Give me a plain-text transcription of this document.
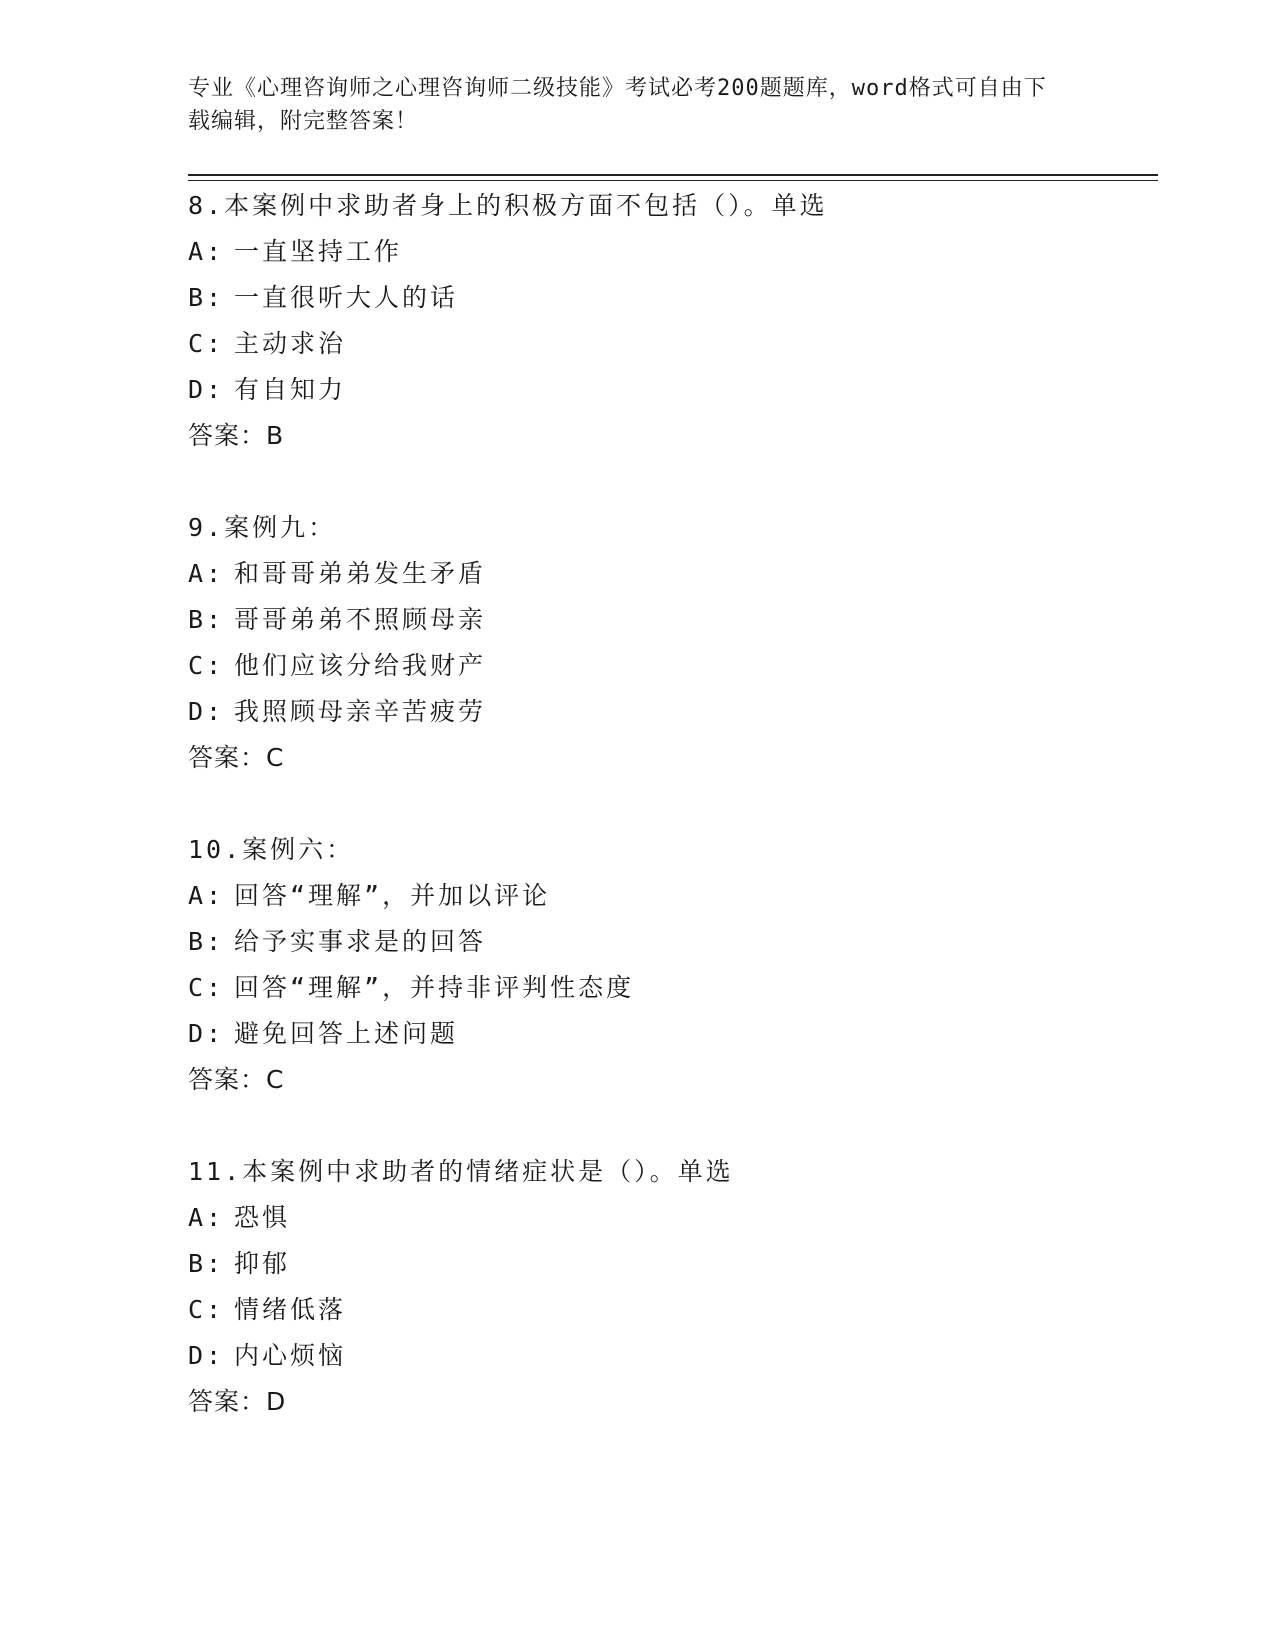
专业《心理咨询师之心理咨询师二级技能》考试必考200题题库，word格式可自由下载编辑，附完整答案！

8.本案例中求助者身上的积极方面不包括（）。单选
A: 一直坚持工作
B: 一直很听大人的话
C: 主动求治
D: 有自知力
答案：B
9.案例九：
A: 和哥哥弟弟发生矛盾
B: 哥哥弟弟不照顾母亲
C: 他们应该分给我财产
D: 我照顾母亲辛苦疲劳
答案：C
10.案例六：
A: 回答“理解”，并加以评论
B: 给予实事求是的回答
C: 回答“理解”，并持非评判性态度
D: 避免回答上述问题
答案：C
11.本案例中求助者的情绪症状是（）。单选
A: 恐惧
B: 抑郁
C: 情绪低落
D: 内心烦恼
答案：D
